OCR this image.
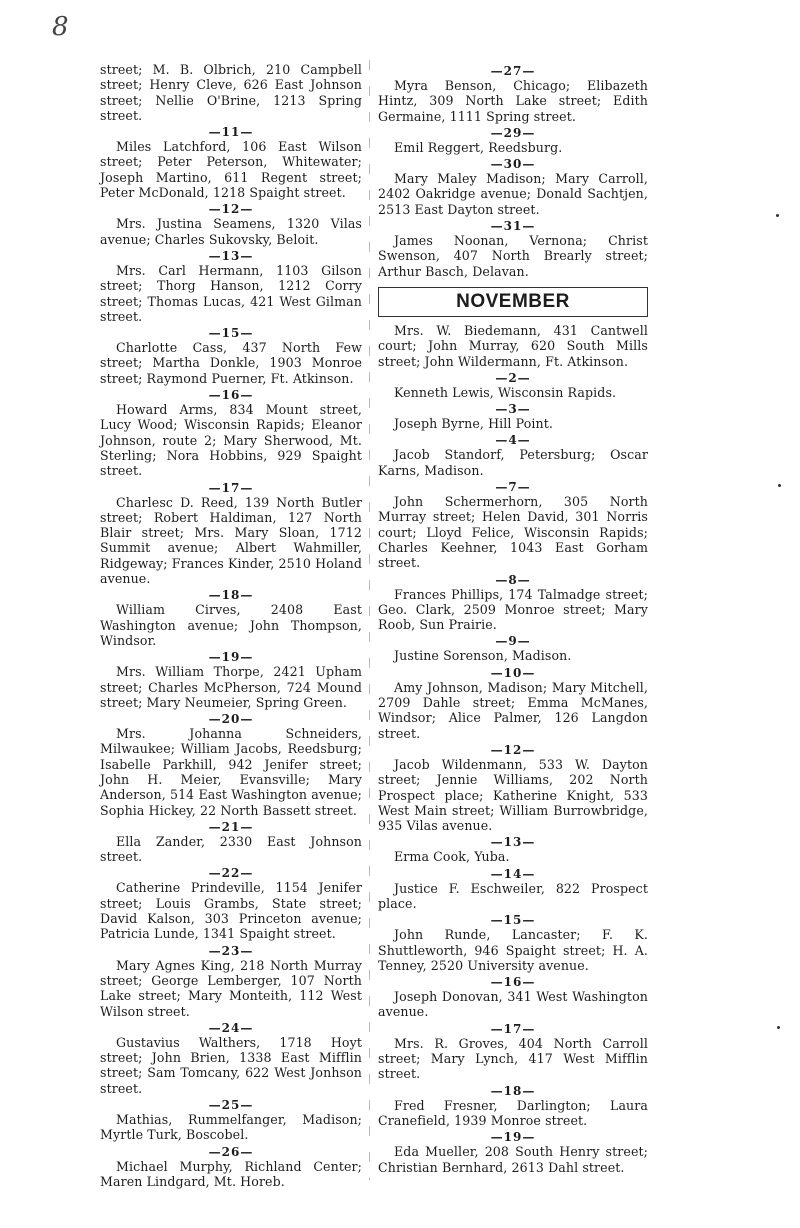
8

street; M. B. Olbrich, 210 Campbell street; Henry Cleve, 626 East Johnson street; Nellie O'Brine, 1213 Spring street.

—11—

Miles Latchford, 106 East Wilson street; Peter Peterson, Whitewater; Joseph Martino, 611 Regent street; Peter McDonald, 1218 Spaight street.

—12—

Mrs. Justina Seamens, 1320 Vilas avenue; Charles Sukovsky, Beloit.

—13—

Mrs. Carl Hermann, 1103 Gilson street; Thorg Hanson, 1212 Corry street; Thomas Lucas, 421 West Gilman street.

—15—

Charlotte Cass, 437 North Few street; Martha Donkle, 1903 Monroe street; Raymond Puerner, Ft. Atkinson.

—16—

Howard Arms, 834 Mount street, Lucy Wood; Wisconsin Rapids; Eleanor Johnson, route 2; Mary Sherwood, Mt. Sterling; Nora Hobbins, 929 Spaight street.

—17—

Charlesc D. Reed, 139 North Butler street; Robert Haldiman, 127 North Blair street; Mrs. Mary Sloan, 1712 Summit avenue; Albert Wahmiller, Ridgeway; Frances Kinder, 2510 Holand avenue.

—18—

William Cirves, 2408 East Washington avenue; John Thompson, Windsor.

—19—

Mrs. William Thorpe, 2421 Upham street; Charles McPherson, 724 Mound street; Mary Neumeier, Spring Green.

—20—

Mrs. Johanna Schneiders, Milwaukee; William Jacobs, Reedsburg; Isabelle Parkhill, 942 Jenifer street; John H. Meier, Evansville; Mary Anderson, 514 East Washington avenue; Sophia Hickey, 22 North Bassett street.

—21—

Ella Zander, 2330 East Johnson street.

—22—

Catherine Prindeville, 1154 Jenifer street; Louis Grambs, State street; David Kalson, 303 Princeton avenue; Patricia Lunde, 1341 Spaight street.

—23—

Mary Agnes King, 218 North Murray street; George Lemberger, 107 North Lake street; Mary Monteith, 112 West Wilson street.

—24—

Gustavius Walthers, 1718 Hoyt street; John Brien, 1338 East Mifflin street; Sam Tomcany, 622 West Jonhson street.

—25—

Mathias, Rummelfanger, Madison; Myrtle Turk, Boscobel.

—26—

Michael Murphy, Richland Center; Maren Lindgard, Mt. Horeb.

—27—

Myra Benson, Chicago; Elibazeth Hintz, 309 North Lake street; Edith Germaine, 1111 Spring street.

—29—

Emil Reggert, Reedsburg.

—30—

Mary Maley Madison; Mary Carroll, 2402 Oakridge avenue; Donald Sachtjen, 2513 East Dayton street.

—31—

James Noonan, Vernona; Christ Swenson, 407 North Brearly street; Arthur Basch, Delavan.

NOVEMBER

Mrs. W. Biedemann, 431 Cantwell court; John Murray, 620 South Mills street; John Wildermann, Ft. Atkinson.

—2—

Kenneth Lewis, Wisconsin Rapids.

—3—

Joseph Byrne, Hill Point.

—4—

Jacob Standorf, Petersburg; Oscar Karns, Madison.

—7—

John Schermerhorn, 305 North Murray street; Helen David, 301 Norris court; Lloyd Felice, Wisconsin Rapids; Charles Keehner, 1043 East Gorham street.

—8—

Frances Phillips, 174 Talmadge street; Geo. Clark, 2509 Monroe street; Mary Roob, Sun Prairie.

—9—

Justine Sorenson, Madison.

—10—

Amy Johnson, Madison; Mary Mitchell, 2709 Dahle street; Emma McManes, Windsor; Alice Palmer, 126 Langdon street.

—12—

Jacob Wildenmann, 533 W. Dayton street; Jennie Williams, 202 North Prospect place; Katherine Knight, 533 West Main street; William Burrowbridge, 935 Vilas avenue.

—13—

Erma Cook, Yuba.

—14—

Justice F. Eschweiler, 822 Prospect place.

—15—

John Runde, Lancaster; F. K. Shuttleworth, 946 Spaight street; H. A. Tenney, 2520 University avenue.

—16—

Joseph Donovan, 341 West Washington avenue.

—17—

Mrs. R. Groves, 404 North Carroll street; Mary Lynch, 417 West Mifflin street.

—18—

Fred Fresner, Darlington; Laura Cranefield, 1939 Monroe street.

—19—

Eda Mueller, 208 South Henry street; Christian Bernhard, 2613 Dahl street.
